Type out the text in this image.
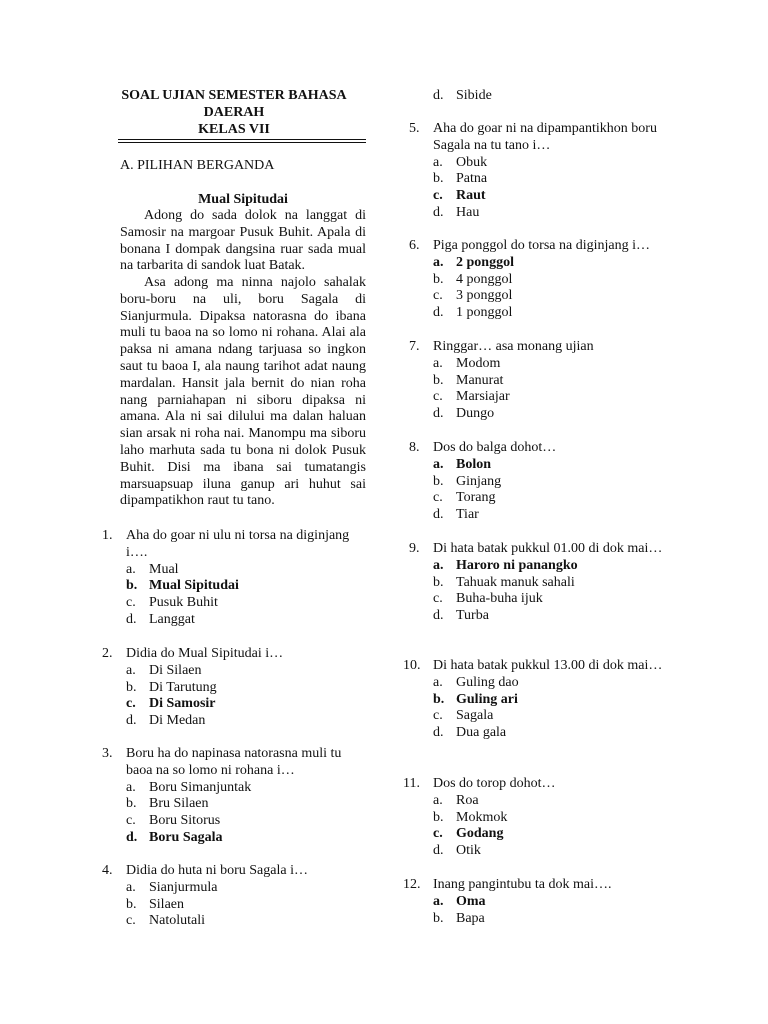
SOAL UJIAN SEMESTER BAHASA
DAERAH
KELAS VII
A. PILIHAN BERGANDA
Mual Sipitudai
Adong do sada dolok na langgat di Samosir na margoar Pusuk Buhit. Apala di bonana I dompak dangsina ruar sada mual na tarbarita di sandok luat Batak.
Asa adong ma ninna najolo sahalak boru-boru na uli, boru Sagala di Sianjurmula. Dipaksa natorasna do ibana muli tu baoa na so lomo ni rohana. Alai ala paksa ni amana ndang tarjuasa so ingkon saut tu baoa I, ala naung tarihot adat naung mardalan. Hansit jala bernit do nian roha nang parniahapan ni siboru dipaksa ni amana. Ala ni sai dilului ma dalan haluan sian arsak ni roha nai. Manompu ma siboru laho marhuta sada tu bona ni dolok Pusuk Buhit. Disi ma ibana sai tumatangis marsuapsuap iluna ganup ari huhut sai dipampatikhon raut tu tano.
1. Aha do goar ni ulu ni torsa na diginjang i….
a. Mual
b. Mual Sipitudai
c. Pusuk Buhit
d. Langgat
2. Didia do Mual Sipitudai i…
a. Di Silaen
b. Di Tarutung
c. Di Samosir
d. Di Medan
3. Boru ha do napinasa natorasna muli tu baoa na so lomo ni rohana i…
a. Boru Simanjuntak
b. Bru Silaen
c. Boru Sitorus
d. Boru Sagala
4. Didia do huta ni boru Sagala i…
a. Sianjurmula
b. Silaen
c. Natolutali
d. Sibide
5. Aha do goar ni na dipampantikhon boru Sagala na tu tano i…
a. Obuk
b. Patna
c. Raut
d. Hau
6. Piga ponggol do torsa na diginjang i…
a. 2 ponggol
b. 4 ponggol
c. 3 ponggol
d. 1 ponggol
7. Ringgar… asa monang ujian
a. Modom
b. Manurat
c. Marsiajar
d. Dungo
8. Dos do balga dohot…
a. Bolon
b. Ginjang
c. Torang
d. Tiar
9. Di hata batak pukkul 01.00 di dok mai…
a. Haroro ni panangko
b. Tahuak manuk sahali
c. Buha-buha ijuk
d. Turba
10. Di hata batak pukkul 13.00 di dok mai…
a. Guling dao
b. Guling ari
c. Sagala
d. Dua gala
11. Dos do torop dohot…
a. Roa
b. Mokmok
c. Godang
d. Otik
12. Inang pangintubu ta dok mai….
a. Oma
b. Bapa
